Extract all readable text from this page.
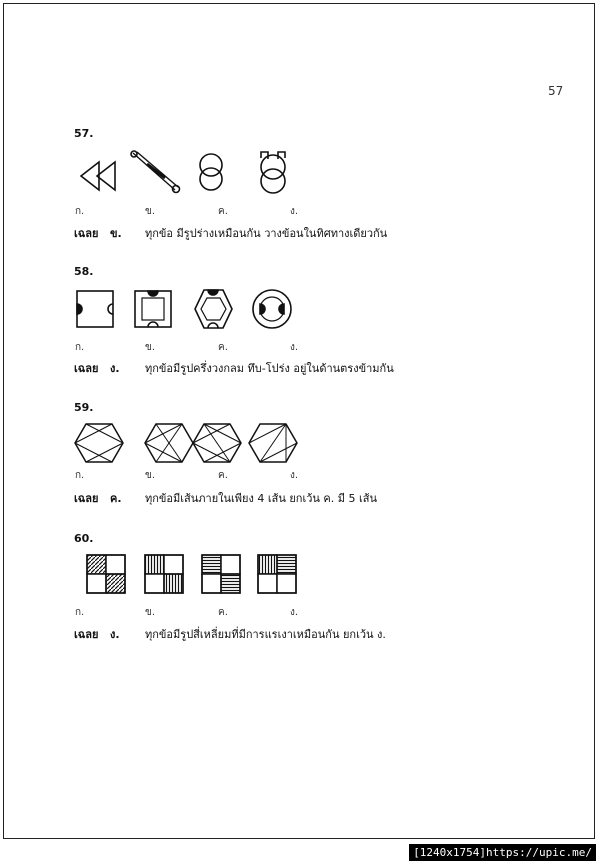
57
57.
ก.	ข.	ค.	ง.
เฉลย ข. ทุกข้อ มีรูปร่างเหมือนกัน วางข้อนในทิศทางเดียวกัน
58.
ก.	ข.	ค.	ง.
เฉลย ง. ทุกข้อมีรูปครึ่งวงกลม ทึบ-โปร่ง อยู่ในด้านตรงข้ามกัน
59.
ก.	ข.	ค.	ง.
เฉลย ค. ทุกข้อมีเส้นภายในเพียง 4 เส้น ยกเว้น ค. มี 5 เส้น
60.
ก.	ข.	ค.	ง.
เฉลย ง. ทุกข้อมีรูปสี่เหลี่ยมที่มีการแรเงาเหมือนกัน ยกเว้น ง.
[1240x1754]https://upic.me/
